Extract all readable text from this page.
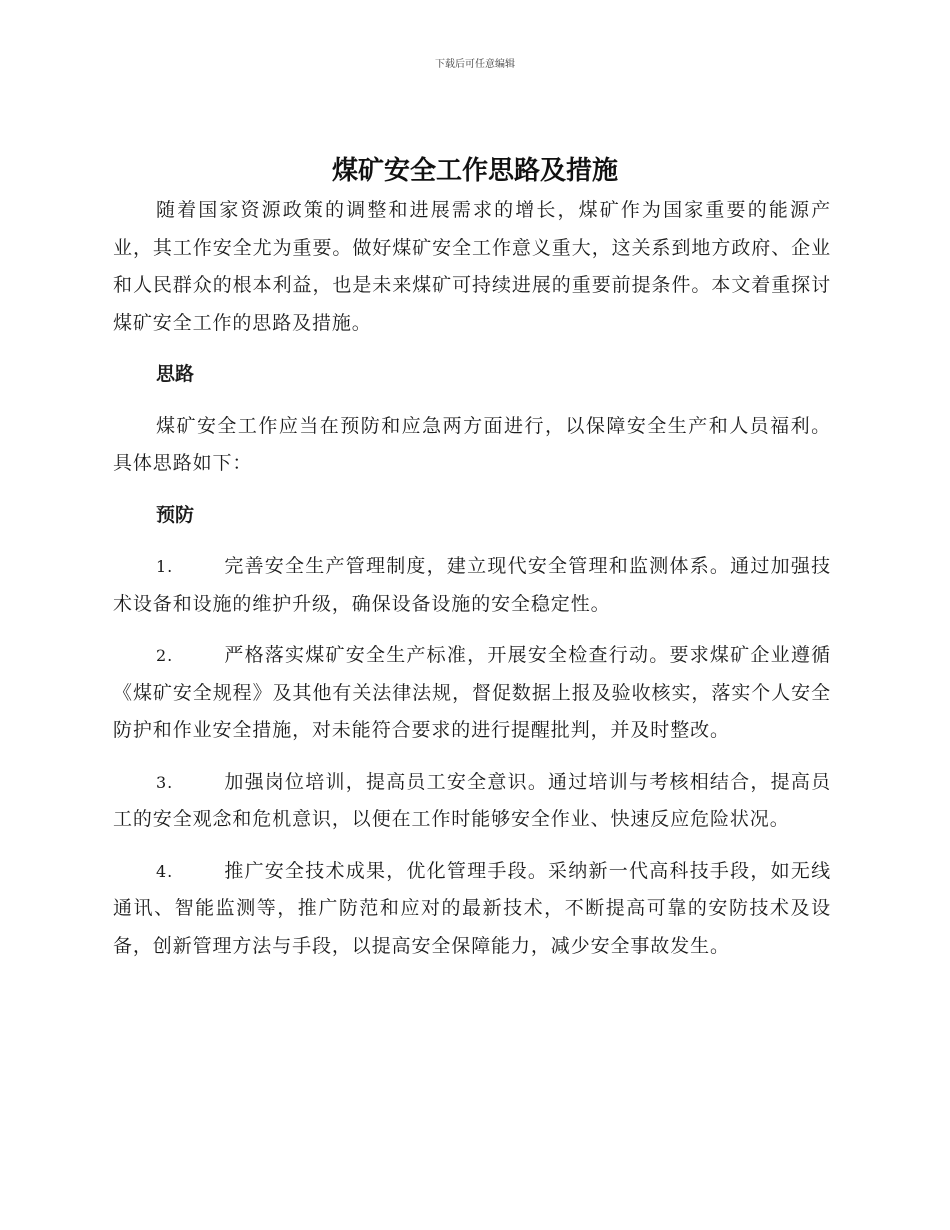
下载后可任意编辑
煤矿安全工作思路及措施

随着国家资源政策的调整和进展需求的增长，煤矿作为国家重要的能源产业，其工作安全尤为重要。做好煤矿安全工作意义重大，这关系到地方政府、企业和人民群众的根本利益，也是未来煤矿可持续进展的重要前提条件。本文着重探讨煤矿安全工作的思路及措施。

思路

煤矿安全工作应当在预防和应急两方面进行，以保障安全生产和人员福利。具体思路如下：

预防

1.	完善安全生产管理制度，建立现代安全管理和监测体系。通过加强技术设备和设施的维护升级，确保设备设施的安全稳定性。

2.	严格落实煤矿安全生产标准，开展安全检查行动。要求煤矿企业遵循《煤矿安全规程》及其他有关法律法规，督促数据上报及验收核实，落实个人安全防护和作业安全措施，对未能符合要求的进行提醒批判，并及时整改。

3.	加强岗位培训，提高员工安全意识。通过培训与考核相结合，提高员工的安全观念和危机意识，以便在工作时能够安全作业、快速反应危险状况。

4.	推广安全技术成果，优化管理手段。采纳新一代高科技手段，如无线通讯、智能监测等，推广防范和应对的最新技术，不断提高可靠的安防技术及设备，创新管理方法与手段，以提高安全保障能力，减少安全事故发生。
